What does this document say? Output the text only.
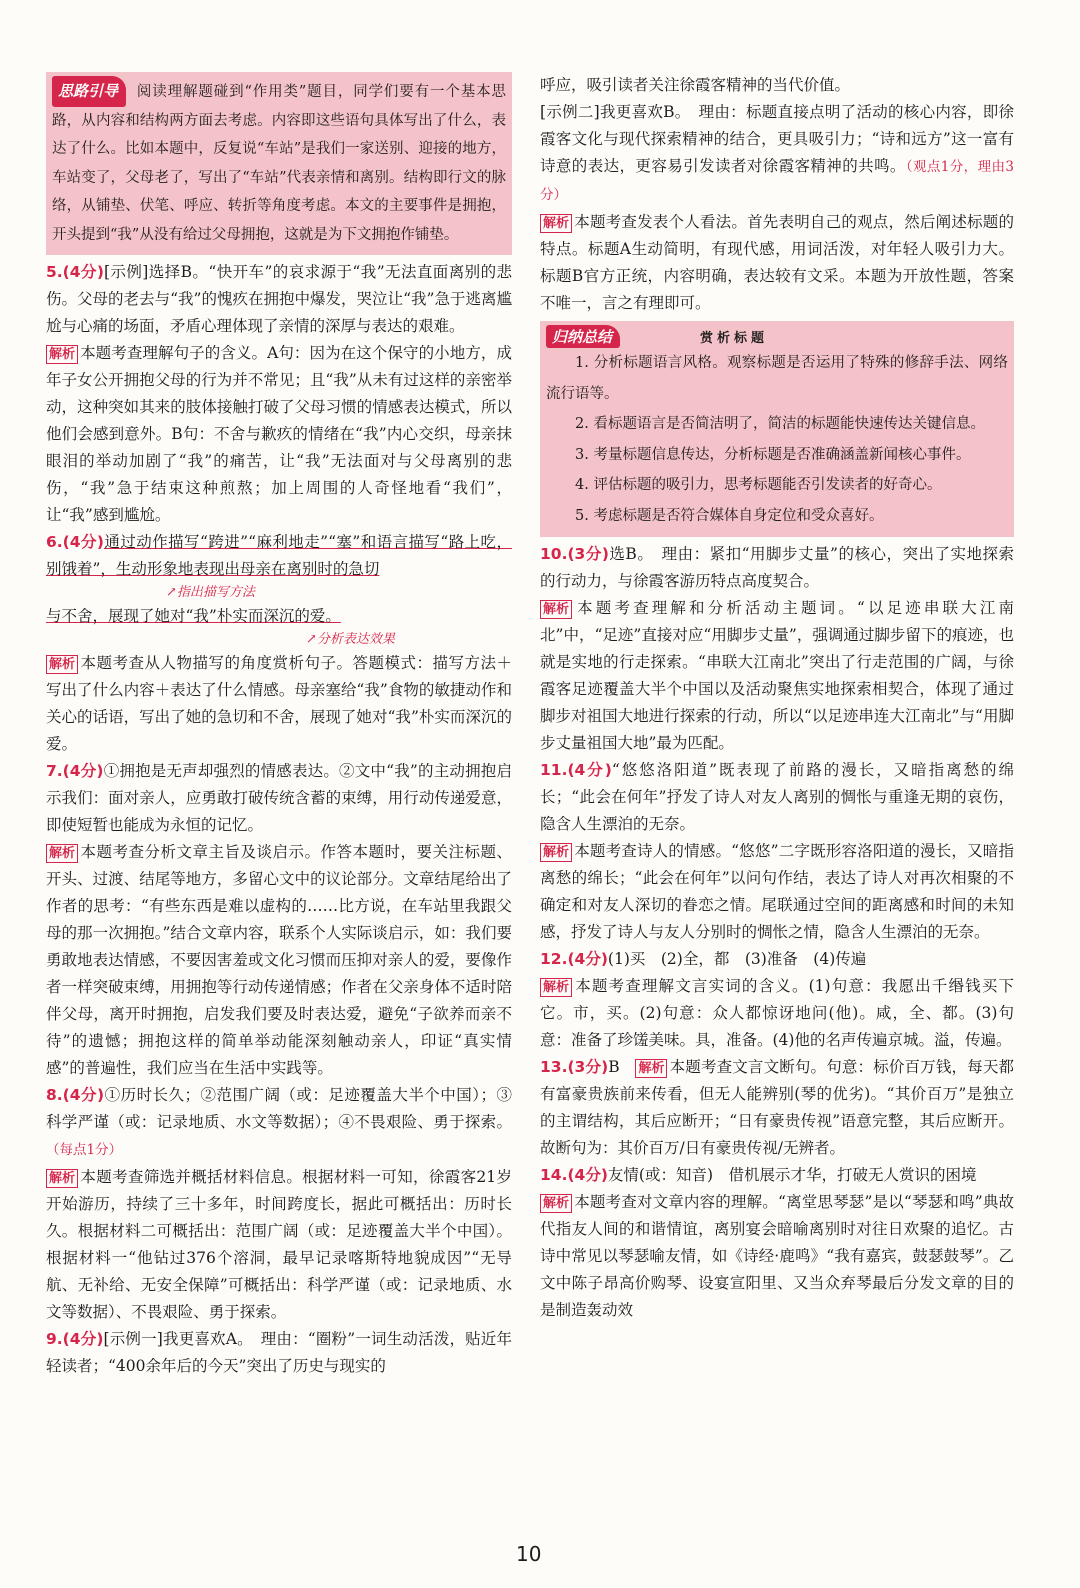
思路引导 阅读理解题碰到“作用类”题目，同学们要有一个基本思路，从内容和结构两方面去考虑。内容即这些语句具体写出了什么，表达了什么。比如本题中，反复说“车站”是我们一家送别、迎接的地方，车站变了，父母老了，写出了“车站”代表亲情和离别。结构即行文的脉络，从铺垫、伏笔、呼应、转折等角度考虑。本文的主要事件是拥抱，开头提到“我”从没有给过父母拥抱，这就是为下文拥抱作铺垫。

5.(4分)[示例]选择B。“快开车”的哀求源于“我”无法直面离别的悲伤。父母的老去与“我”的愧疚在拥抱中爆发，哭泣让“我”急于逃离尴尬与心痛的场面，矛盾心理体现了亲情的深厚与表达的艰难。

解析 本题考查理解句子的含义。A句：因为在这个保守的小地方，成年子女公开拥抱父母的行为并不常见；且“我”从未有过这样的亲密举动，这种突如其来的肢体接触打破了父母习惯的情感表达模式，所以他们会感到意外。B句：不舍与歉疚的情绪在“我”内心交织，母亲抹眼泪的举动加剧了“我”的痛苦，让“我”无法面对与父母离别的悲伤，“我”急于结束这种煎熬；加上周围的人奇怪地看“我们”，让“我”感到尴尬。

6.(4分)通过动作描写“跨进”“麻利地走”“塞”和语言描写“路上吃，别饿着”，生动形象地表现出母亲在离别时的急切

↗指出描写方法

与不舍，展现了她对“我”朴实而深沉的爱。

↗分析表达效果

解析 本题考查从人物描写的角度赏析句子。答题模式：描写方法＋写出了什么内容＋表达了什么情感。母亲塞给“我”食物的敏捷动作和关心的话语，写出了她的急切和不舍，展现了她对“我”朴实而深沉的爱。

7.(4分)①拥抱是无声却强烈的情感表达。②文中“我”的主动拥抱启示我们：面对亲人，应勇敢打破传统含蓄的束缚，用行动传递爱意，即使短暂也能成为永恒的记忆。

解析 本题考查分析文章主旨及谈启示。作答本题时，要关注标题、开头、过渡、结尾等地方，多留心文中的议论部分。文章结尾给出了作者的思考：“有些东西是难以虚构的……比方说，在车站里我跟父母的那一次拥抱。”结合文章内容，联系个人实际谈启示，如：我们要勇敢地表达情感，不要因害羞或文化习惯而压抑对亲人的爱，要像作者一样突破束缚，用拥抱等行动传递情感；作者在父亲身体不适时陪伴父母，离开时拥抱，启发我们要及时表达爱，避免“子欲养而亲不待”的遗憾；拥抱这样的简单举动能深刻触动亲人，印证“真实情感”的普遍性，我们应当在生活中实践等。

8.(4分)①历时长久；②范围广阔（或：足迹覆盖大半个中国）；③科学严谨（或：记录地质、水文等数据）；④不畏艰险、勇于探索。（每点1分）

解析 本题考查筛选并概括材料信息。根据材料一可知，徐霞客21岁开始游历，持续了三十多年，时间跨度长，据此可概括出：历时长久。根据材料二可概括出：范围广阔（或：足迹覆盖大半个中国）。根据材料一“他钻过376个溶洞，最早记录喀斯特地貌成因”“无导航、无补给、无安全保障”可概括出：科学严谨（或：记录地质、水文等数据）、不畏艰险、勇于探索。

9.(4分)[示例一]我更喜欢A。　理由：“圈粉”一词生动活泼，贴近年轻读者；“400余年后的今天”突出了历史与现实的

呼应，吸引读者关注徐霞客精神的当代价值。

[示例二]我更喜欢B。　理由：标题直接点明了活动的核心内容，即徐霞客文化与现代探索精神的结合，更具吸引力；“诗和远方”这一富有诗意的表达，更容易引发读者对徐霞客精神的共鸣。（观点1分，理由3分）

解析 本题考查发表个人看法。首先表明自己的观点，然后阐述标题的特点。标题A生动简明，有现代感，用词活泼，对年轻人吸引力大。标题B官方正统，内容明确，表达较有文采。本题为开放性题，答案不唯一，言之有理即可。

归纳总结	赏析标题

1. 分析标题语言风格。观察标题是否运用了特殊的修辞手法、网络流行语等。

2. 看标题语言是否简洁明了，简洁的标题能快速传达关键信息。

3. 考量标题信息传达，分析标题是否准确涵盖新闻核心事件。

4. 评估标题的吸引力，思考标题能否引发读者的好奇心。

5. 考虑标题是否符合媒体自身定位和受众喜好。

10.(3分)选B。　理由：紧扣“用脚步丈量”的核心，突出了实地探索的行动力，与徐霞客游历特点高度契合。

解析 本题考查理解和分析活动主题词。“以足迹串联大江南北”中，“足迹”直接对应“用脚步丈量”，强调通过脚步留下的痕迹，也就是实地的行走探索。“串联大江南北”突出了行走范围的广阔，与徐霞客足迹覆盖大半个中国以及活动聚焦实地探索相契合，体现了通过脚步对祖国大地进行探索的行动，所以“以足迹串连大江南北”与“用脚步丈量祖国大地”最为匹配。

11.(4分)“悠悠洛阳道”既表现了前路的漫长，又暗指离愁的绵长；“此会在何年”抒发了诗人对友人离别的惆怅与重逢无期的哀伤，隐含人生漂泊的无奈。

解析 本题考查诗人的情感。“悠悠”二字既形容洛阳道的漫长，又暗指离愁的绵长；“此会在何年”以问句作结，表达了诗人对再次相聚的不确定和对友人深切的眷恋之情。尾联通过空间的距离感和时间的未知感，抒发了诗人与友人分别时的惆怅之情，隐含人生漂泊的无奈。

12.(4分)(1)买　(2)全，都　(3)准备　(4)传遍

解析 本题考查理解文言实词的含义。(1)句意：我愿出千缗钱买下它。市，买。(2)句意：众人都惊讶地问(他)。咸，全、都。(3)句意：准备了珍馐美味。具，准备。(4)他的名声传遍京城。溢，传遍。

13.(3分)B　 解析 本题考查文言文断句。句意：标价百万钱，每天都有富豪贵族前来传看，但无人能辨别(琴的优劣)。“其价百万”是独立的主谓结构，其后应断开；“日有豪贵传视”语意完整，其后应断开。故断句为：其价百万/日有豪贵传视/无辨者。

14.(4分)友情(或：知音)　借机展示才华，打破无人赏识的困境

解析 本题考查对文章内容的理解。“离堂思琴瑟”是以“琴瑟和鸣”典故代指友人间的和谐情谊，离别宴会暗喻离别时对往日欢聚的追忆。古诗中常见以琴瑟喻友情，如《诗经·鹿鸣》“我有嘉宾，鼓瑟鼓琴”。乙文中陈子昂高价购琴、设宴宣阳里、又当众弃琴最后分发文章的目的是制造轰动效

10
